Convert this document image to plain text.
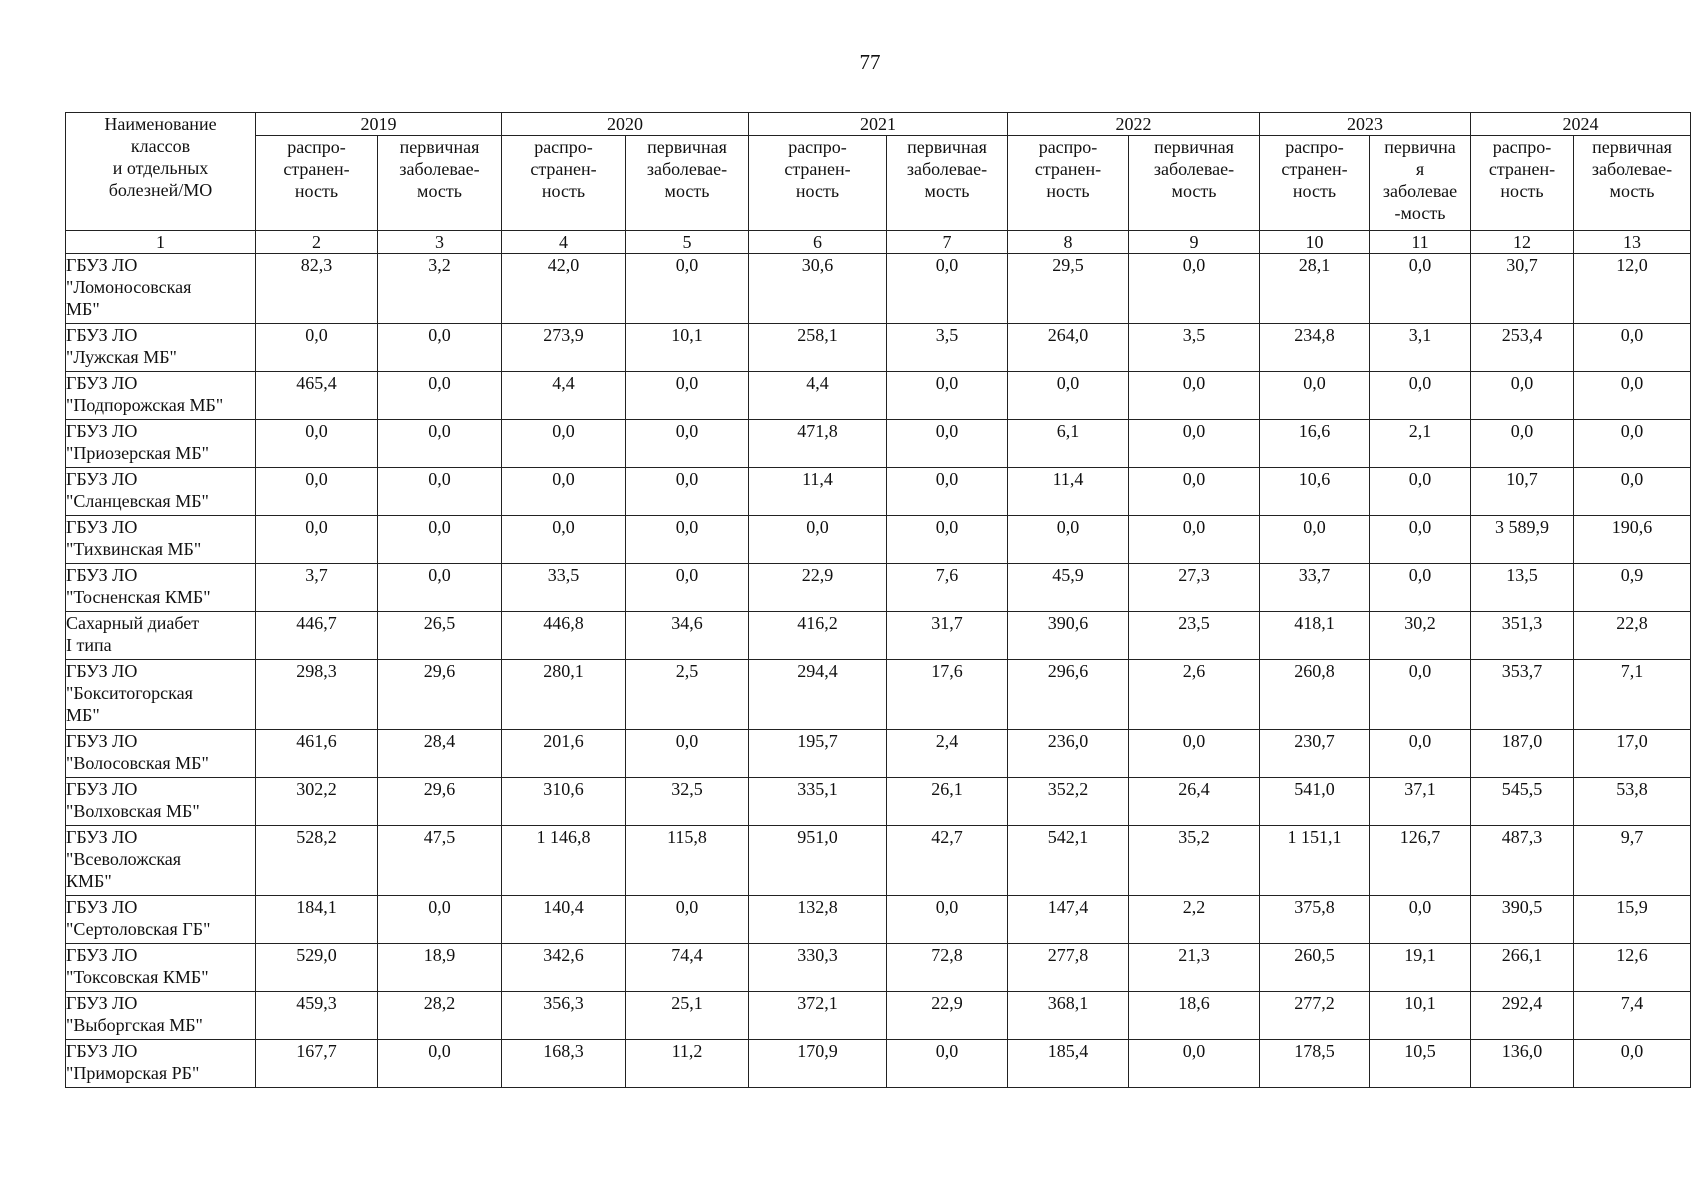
77
Наименование
классов
и отдельных
болезней/МО	2019		2020		2021		2022		2023		2024	

	распро-
странен-
ность	первичная
заболевае-
мость	распро-
странен-
ность	первичная
заболевае-
мость	распро-
странен-
ность	первичная
заболевае-
мость	распро-
странен-
ность	первичная
заболевае-
мость	распро-
странен-
ность	первична
я
заболевае
-мость	распро-
странен-
ность	первичная
заболевае-
мость

1	2	3	4	5	6	7	8	9	10	11	12	13

ГБУЗ ЛО
"Ломоносовская
МБ"	82,3	3,2	42,0	0,0	30,6	0,0	29,5	0,0	28,1	0,0	30,7	12,0

ГБУЗ ЛО
"Лужская МБ"	0,0	0,0	273,9	10,1	258,1	3,5	264,0	3,5	234,8	3,1	253,4	0,0

ГБУЗ ЛО
"Подпорожская МБ"	465,4	0,0	4,4	0,0	4,4	0,0	0,0	0,0	0,0	0,0	0,0	0,0

ГБУЗ ЛО
"Приозерская МБ"	0,0	0,0	0,0	0,0	471,8	0,0	6,1	0,0	16,6	2,1	0,0	0,0

ГБУЗ ЛО
"Сланцевская МБ"	0,0	0,0	0,0	0,0	11,4	0,0	11,4	0,0	10,6	0,0	10,7	0,0

ГБУЗ ЛО
"Тихвинская МБ"	0,0	0,0	0,0	0,0	0,0	0,0	0,0	0,0	0,0	0,0	3 589,9	190,6

ГБУЗ ЛО
"Тосненская КМБ"	3,7	0,0	33,5	0,0	22,9	7,6	45,9	27,3	33,7	0,0	13,5	0,9

Сахарный диабет
I типа	446,7	26,5	446,8	34,6	416,2	31,7	390,6	23,5	418,1	30,2	351,3	22,8

ГБУЗ ЛО
"Бокситогорская
МБ"	298,3	29,6	280,1	2,5	294,4	17,6	296,6	2,6	260,8	0,0	353,7	7,1

ГБУЗ ЛО
"Волосовская МБ"	461,6	28,4	201,6	0,0	195,7	2,4	236,0	0,0	230,7	0,0	187,0	17,0

ГБУЗ ЛО
"Волховская МБ"	302,2	29,6	310,6	32,5	335,1	26,1	352,2	26,4	541,0	37,1	545,5	53,8

ГБУЗ ЛО
"Всеволожская
КМБ"	528,2	47,5	1 146,8	115,8	951,0	42,7	542,1	35,2	1 151,1	126,7	487,3	9,7

ГБУЗ ЛО
"Сертоловская ГБ"	184,1	0,0	140,4	0,0	132,8	0,0	147,4	2,2	375,8	0,0	390,5	15,9

ГБУЗ ЛО
"Токсовская КМБ"	529,0	18,9	342,6	74,4	330,3	72,8	277,8	21,3	260,5	19,1	266,1	12,6

ГБУЗ ЛО
"Выборгская МБ"	459,3	28,2	356,3	25,1	372,1	22,9	368,1	18,6	277,2	10,1	292,4	7,4

ГБУЗ ЛО
"Приморская РБ"	167,7	0,0	168,3	11,2	170,9	0,0	185,4	0,0	178,5	10,5	136,0	0,0
